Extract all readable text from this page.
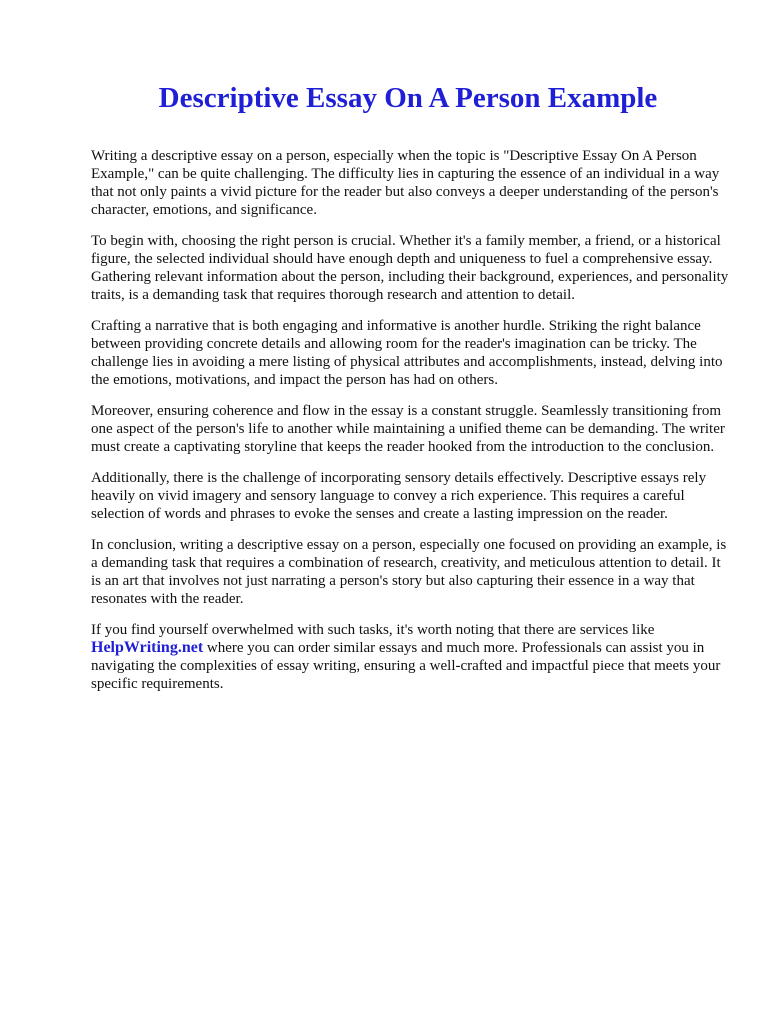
Descriptive Essay On A Person Example

Writing a descriptive essay on a person, especially when the topic is "Descriptive Essay On A Person Example," can be quite challenging. The difficulty lies in capturing the essence of an individual in a way that not only paints a vivid picture for the reader but also conveys a deeper understanding of the person's character, emotions, and significance.

To begin with, choosing the right person is crucial. Whether it's a family member, a friend, or a historical figure, the selected individual should have enough depth and uniqueness to fuel a comprehensive essay. Gathering relevant information about the person, including their background, experiences, and personality traits, is a demanding task that requires thorough research and attention to detail.

Crafting a narrative that is both engaging and informative is another hurdle. Striking the right balance between providing concrete details and allowing room for the reader's imagination can be tricky. The challenge lies in avoiding a mere listing of physical attributes and accomplishments, instead, delving into the emotions, motivations, and impact the person has had on others.

Moreover, ensuring coherence and flow in the essay is a constant struggle. Seamlessly transitioning from one aspect of the person's life to another while maintaining a unified theme can be demanding. The writer must create a captivating storyline that keeps the reader hooked from the introduction to the conclusion.

Additionally, there is the challenge of incorporating sensory details effectively. Descriptive essays rely heavily on vivid imagery and sensory language to convey a rich experience. This requires a careful selection of words and phrases to evoke the senses and create a lasting impression on the reader.

In conclusion, writing a descriptive essay on a person, especially one focused on providing an example, is a demanding task that requires a combination of research, creativity, and meticulous attention to detail. It is an art that involves not just narrating a person's story but also capturing their essence in a way that resonates with the reader.

If you find yourself overwhelmed with such tasks, it's worth noting that there are services like
HelpWriting.net where you can order similar essays and much more. Professionals can assist you in navigating the complexities of essay writing, ensuring a well-crafted and impactful piece that meets your specific requirements.
